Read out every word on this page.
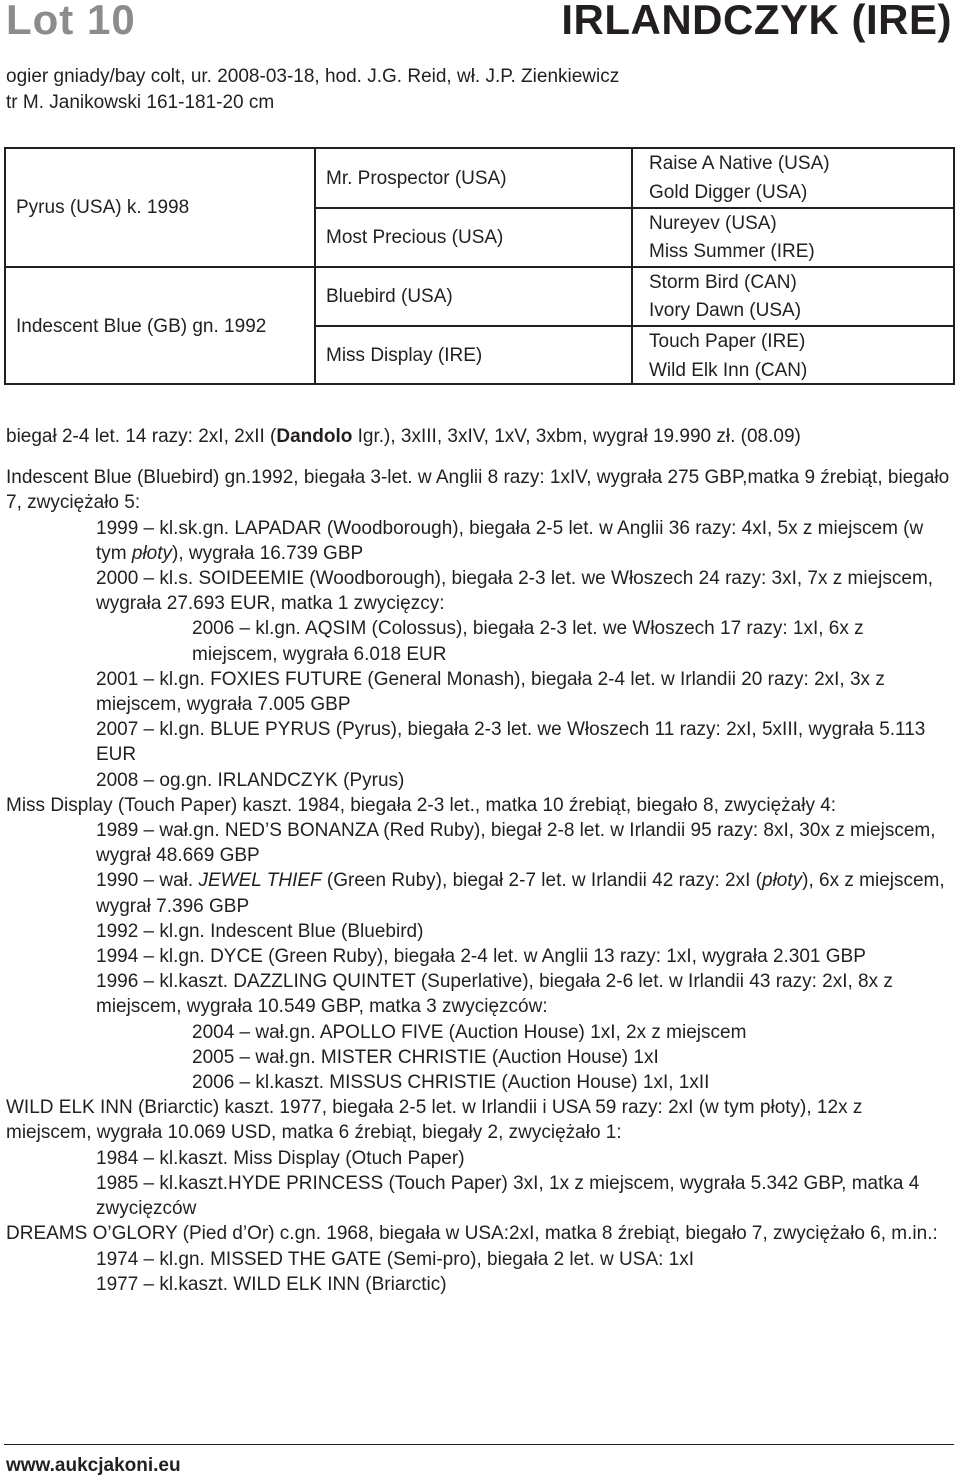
Lot 10	IRLANDCZYK (IRE)
ogier gniady/bay colt, ur. 2008-03-18, hod. J.G. Reid, wł. J.P. Zienkiewicz
tr M. Janikowski 161-181-20 cm
Pyrus (USA) k. 1998
Indescent Blue (GB) gn. 1992
Mr. Prospector (USA)
Most Precious (USA)
Bluebird (USA)
Miss Display (IRE)
Raise A Native (USA)
Gold Digger (USA)
Nureyev (USA)
Miss Summer (IRE)
Storm Bird (CAN)
Ivory Dawn (USA)
Touch Paper (IRE)
Wild Elk Inn (CAN)
biegał 2-4 let. 14 razy: 2xI, 2xII (Dandolo Igr.), 3xIII, 3xIV, 1xV, 3xbm, wygrał 19.990 zł. (08.09)
Indescent Blue (Bluebird) gn.1992, biegała 3-let. w Anglii 8 razy: 1xIV, wygrała 275 GBP,matka 9 źrebiąt, biegało 7, zwyciężało 5:
1999 – kl.sk.gn. LAPADAR (Woodborough), biegała 2-5 let. w Anglii 36 razy: 4xI, 5x z miejscem (w tym płoty), wygrała 16.739 GBP
2000 – kl.s. SOIDEEMIE (Woodborough), biegała 2-3 let. we Włoszech 24 razy: 3xI, 7x z miejscem, wygrała 27.693 EUR, matka 1 zwycięzcy:
2006 – kl.gn. AQSIM (Colossus), biegała 2-3 let. we Włoszech 17 razy: 1xI, 6x z miejscem, wygrała 6.018 EUR
2001 – kl.gn. FOXIES FUTURE (General Monash), biegała 2-4 let. w Irlandii 20 razy: 2xI, 3x z miejscem, wygrała 7.005 GBP
2007 – kl.gn. BLUE PYRUS (Pyrus), biegała 2-3 let. we Włoszech 11 razy: 2xI, 5xIII, wygrała 5.113 EUR
2008 – og.gn. IRLANDCZYK (Pyrus)
Miss Display (Touch Paper) kaszt. 1984, biegała 2-3 let., matka 10 źrebiąt, biegało 8, zwyciężały 4:
1989 – wał.gn. NED’S BONANZA (Red Ruby), biegał 2-8 let. w Irlandii 95 razy: 8xI, 30x z miejscem, wygrał 48.669 GBP
1990 – wał. JEWEL THIEF (Green Ruby), biegał 2-7 let. w Irlandii 42 razy: 2xI (płoty), 6x z miejscem, wygrał 7.396 GBP
1992 – kl.gn. Indescent Blue (Bluebird)
1994 – kl.gn. DYCE (Green Ruby), biegała 2-4 let. w Anglii 13 razy: 1xI, wygrała 2.301 GBP
1996 – kl.kaszt. DAZZLING QUINTET (Superlative), biegała 2-6 let. w Irlandii 43 razy: 2xI, 8x z miejscem, wygrała 10.549 GBP, matka 3 zwycięzców:
2004 – wał.gn. APOLLO FIVE (Auction House) 1xI, 2x z miejscem
2005 – wał.gn. MISTER CHRISTIE (Auction House) 1xI
2006 – kl.kaszt. MISSUS CHRISTIE (Auction House) 1xI, 1xII
WILD ELK INN (Briarctic) kaszt. 1977, biegała 2-5 let. w Irlandii i USA 59 razy: 2xI (w tym płoty), 12x z miejscem, wygrała 10.069 USD, matka 6 źrebiąt, biegały 2, zwyciężało 1:
1984 – kl.kaszt. Miss Display (Otuch Paper)
1985 – kl.kaszt.HYDE PRINCESS (Touch Paper) 3xI, 1x z miejscem, wygrała 5.342 GBP, matka 4 zwycięzców
DREAMS O’GLORY (Pied d’Or) c.gn. 1968, biegała w USA:2xI, matka 8 źrebiąt, biegało 7, zwyciężało 6, m.in.:
1974 – kl.gn. MISSED THE GATE (Semi-pro), biegała 2 let. w USA: 1xI
1977 – kl.kaszt. WILD ELK INN (Briarctic)
www.aukcjakoni.eu
